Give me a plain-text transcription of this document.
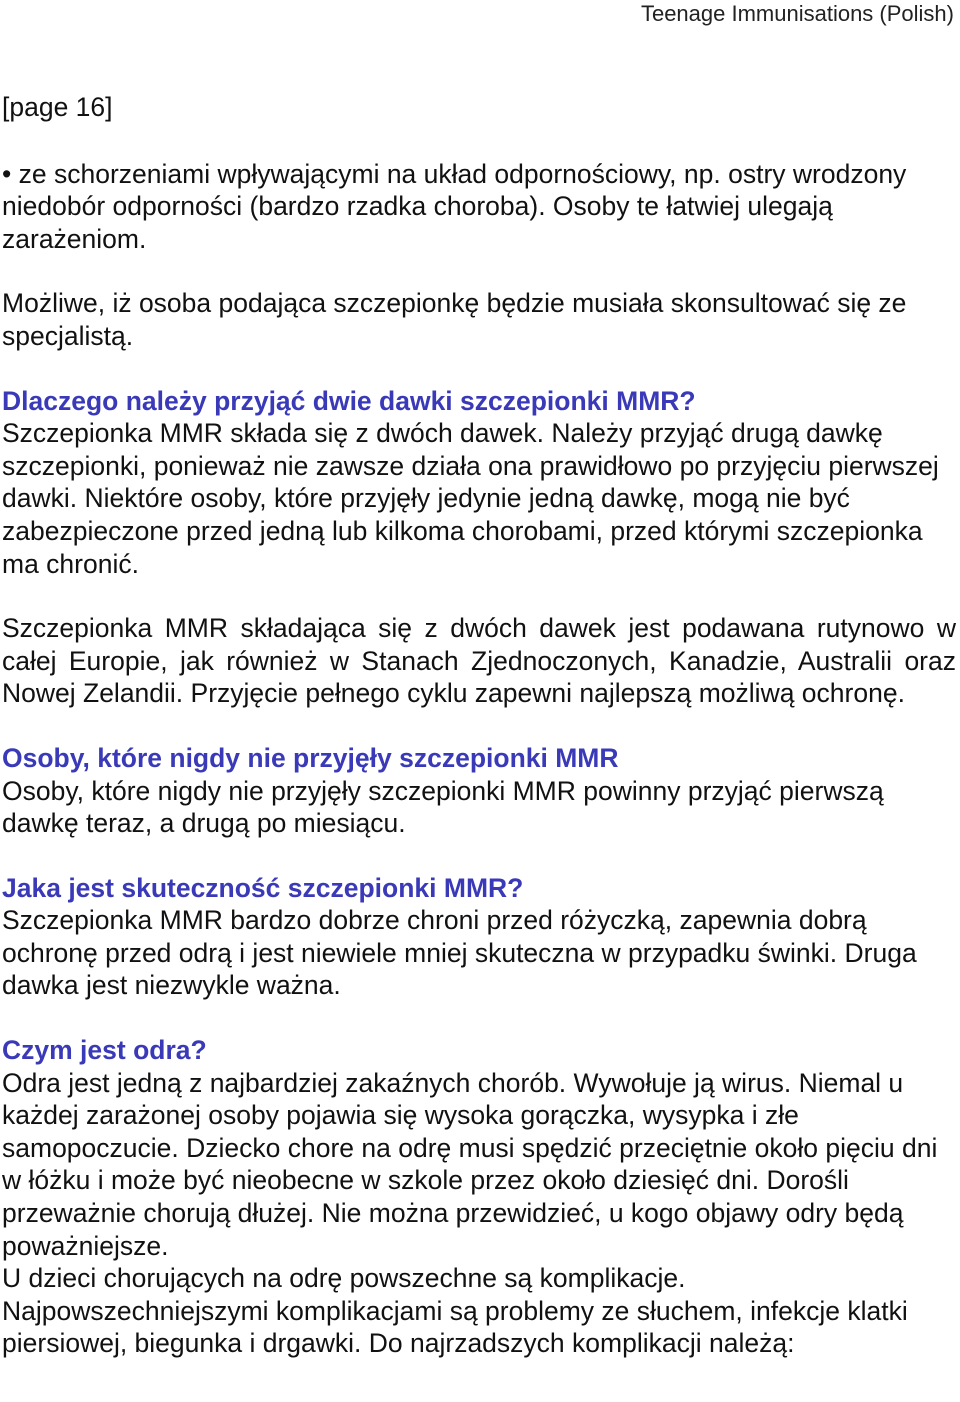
Teenage Immunisations (Polish)

[page 16]

• ze schorzeniami wpływającymi na układ odpornościowy, np. ostry wrodzony niedobór odporności (bardzo rzadka choroba). Osoby te łatwiej ulegają zarażeniom.

Możliwe, iż osoba podająca szczepionkę będzie musiała skonsultować się ze specjalistą.

Dlaczego należy przyjąć dwie dawki szczepionki MMR?

Szczepionka MMR składa się z dwóch dawek. Należy przyjąć drugą dawkę szczepionki, ponieważ nie zawsze działa ona prawidłowo po przyjęciu pierwszej dawki. Niektóre osoby, które przyjęły jedynie jedną dawkę, mogą nie być zabezpieczone przed jedną lub kilkoma chorobami, przed którymi szczepionka ma chronić.

Szczepionka MMR składająca się z dwóch dawek jest podawana rutynowo w całej Europie, jak również w Stanach Zjednoczonych, Kanadzie, Australii oraz Nowej Zelandii. Przyjęcie pełnego cyklu zapewni najlepszą możliwą ochronę.

Osoby, które nigdy nie przyjęły szczepionki MMR

Osoby, które nigdy nie przyjęły szczepionki MMR powinny przyjąć pierwszą dawkę teraz, a drugą po miesiącu.

Jaka jest skuteczność szczepionki MMR?

Szczepionka MMR bardzo dobrze chroni przed różyczką, zapewnia dobrą ochronę przed odrą i jest niewiele mniej skuteczna w przypadku świnki. Druga dawka jest niezwykle ważna.

Czym jest odra?

Odra jest jedną z najbardziej zakaźnych chorób. Wywołuje ją wirus. Niemal u każdej zarażonej osoby pojawia się wysoka gorączka, wysypka i złe samopoczucie. Dziecko chore na odrę musi spędzić przeciętnie około pięciu dni w łóżku i może być nieobecne w szkole przez około dziesięć dni. Dorośli przeważnie chorują dłużej. Nie można przewidzieć, u kogo objawy odry będą poważniejsze.

U dzieci chorujących na odrę powszechne są komplikacje.

Najpowszechniejszymi komplikacjami są problemy ze słuchem, infekcje klatki piersiowej, biegunka i drgawki. Do najrzadszych komplikacji należą:
